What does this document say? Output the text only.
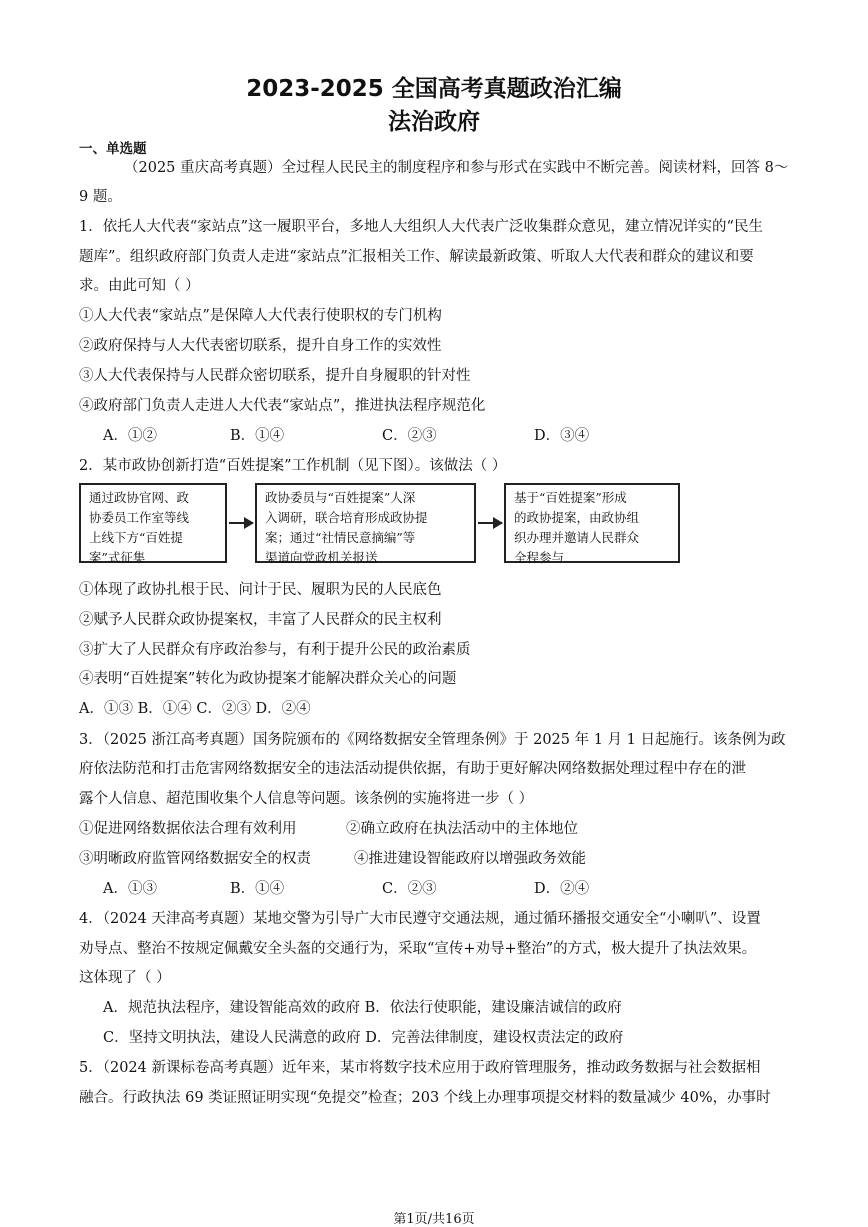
2023-2025 全国高考真题政治汇编
法治政府
一、单选题
（2025 重庆高考真题）全过程人民民主的制度程序和参与形式在实践中不断完善。阅读材料，回答 8～
9 题。
1．依托人大代表“家站点”这一履职平台，多地人大组织人大代表广泛收集群众意见，建立情况详实的“民生
题库”。组织政府部门负责人走进“家站点”汇报相关工作、解读最新政策、听取人大代表和群众的建议和要
求。由此可知（ ）
①人大代表“家站点”是保障人大代表行使职权的专门机构
②政府保持与人大代表密切联系，提升自身工作的实效性
③人大代表保持与人民群众密切联系，提升自身履职的针对性
④政府部门负责人走进人大代表“家站点”，推进执法程序规范化
A．①②	B．①④	C．②③	D．③④
2．某市政协创新打造“百姓提案”工作机制（见下图）。该做法（ ）
通过政协官网、政
协委员工作室等线
上线下方“百姓提
案”式征集
政协委员与“百姓提案”人深
入调研，联合培育形成政协提
案；通过“社情民意摘编”等
渠道向党政机关报送
基于“百姓提案”形成
的政协提案，由政协组
织办理并邀请人民群众
全程参与
①体现了政协扎根于民、问计于民、履职为民的人民底色
②赋予人民群众政协提案权，丰富了人民群众的民主权利
③扩大了人民群众有序政治参与，有利于提升公民的政治素质
④表明“百姓提案”转化为政协提案才能解决群众关心的问题
A．①③ B．①④ C．②③ D．②④
3．（2025 浙江高考真题）国务院颁布的《网络数据安全管理条例》于 2025 年 1 月 1 日起施行。该条例为政
府依法防范和打击危害网络数据安全的违法活动提供依据，有助于更好解决网络数据处理过程中存在的泄
露个人信息、超范围收集个人信息等问题。该条例的实施将进一步（ ）
①促进网络数据依法合理有效利用	②确立政府在执法活动中的主体地位
③明晰政府监管网络数据安全的权责	④推进建设智能政府以增强政务效能
A．①③	B．①④	C．②③	D．②④
4．（2024 天津高考真题）某地交警为引导广大市民遵守交通法规，通过循环播报交通安全“小喇叭”、设置
劝导点、整治不按规定佩戴安全头盔的交通行为，采取“宣传+劝导+整治”的方式，极大提升了执法效果。
这体现了（ ）
A．规范执法程序，建设智能高效的政府 B．依法行使职能，建设廉洁诚信的政府
C．坚持文明执法，建设人民满意的政府 D．完善法律制度，建设权责法定的政府
5．（2024 新课标卷高考真题）近年来，某市将数字技术应用于政府管理服务，推动政务数据与社会数据相
融合。行政执法 69 类证照证明实现“免提交”检查；203 个线上办理事项提交材料的数量减少 40%，办事时
第1页/共16页
